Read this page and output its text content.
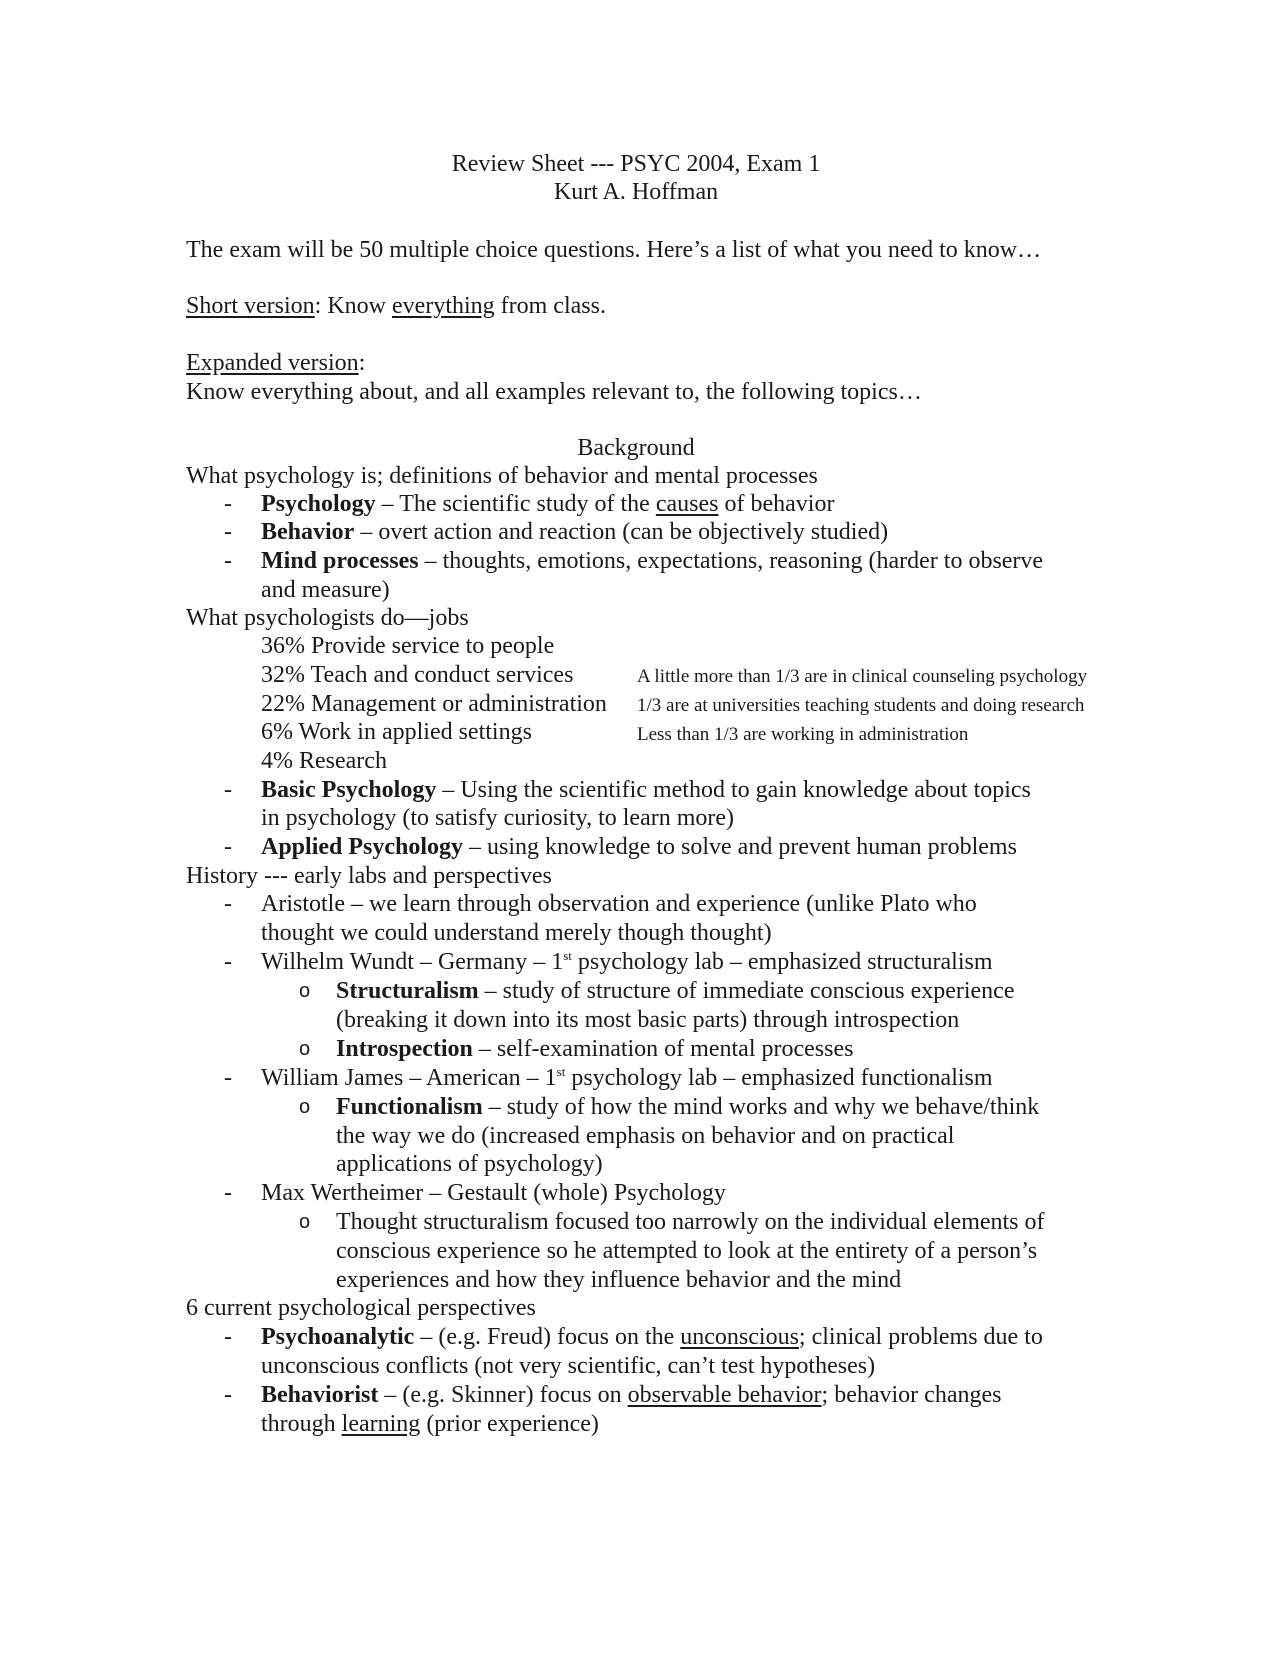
Review Sheet --- PSYC 2004, Exam 1
Kurt A. Hoffman
The exam will be 50 multiple choice questions. Here’s a list of what you need to know…
Short version: Know everything from class.
Expanded version:
Know everything about, and all examples relevant to, the following topics…
Background
What psychology is; definitions of behavior and mental processes
- Psychology – The scientific study of the causes of behavior
- Behavior – overt action and reaction (can be objectively studied)
- Mind processes – thoughts, emotions, expectations, reasoning (harder to observe
and measure)
What psychologists do—jobs
36% Provide service to people
32% Teach and conduct services
22% Management or administration
6% Work in applied settings
4% Research
A little more than 1/3 are in clinical counseling psychology
1/3 are at universities teaching students and doing research
Less than 1/3 are working in administration
- Basic Psychology – Using the scientific method to gain knowledge about topics
in psychology (to satisfy curiosity, to learn more)
- Applied Psychology – using knowledge to solve and prevent human problems
History --- early labs and perspectives
- Aristotle – we learn through observation and experience (unlike Plato who
thought we could understand merely though thought)
- Wilhelm Wundt – Germany – 1st psychology lab – emphasized structuralism
o Structuralism – study of structure of immediate conscious experience
(breaking it down into its most basic parts) through introspection
o Introspection – self-examination of mental processes
- William James – American – 1st psychology lab – emphasized functionalism
o Functionalism – study of how the mind works and why we behave/think
the way we do (increased emphasis on behavior and on practical
applications of psychology)
- Max Wertheimer – Gestault (whole) Psychology
o Thought structuralism focused too narrowly on the individual elements of
conscious experience so he attempted to look at the entirety of a person’s
experiences and how they influence behavior and the mind
6 current psychological perspectives
- Psychoanalytic – (e.g. Freud) focus on the unconscious; clinical problems due to
unconscious conflicts (not very scientific, can’t test hypotheses)
- Behaviorist – (e.g. Skinner) focus on observable behavior; behavior changes
through learning (prior experience)
